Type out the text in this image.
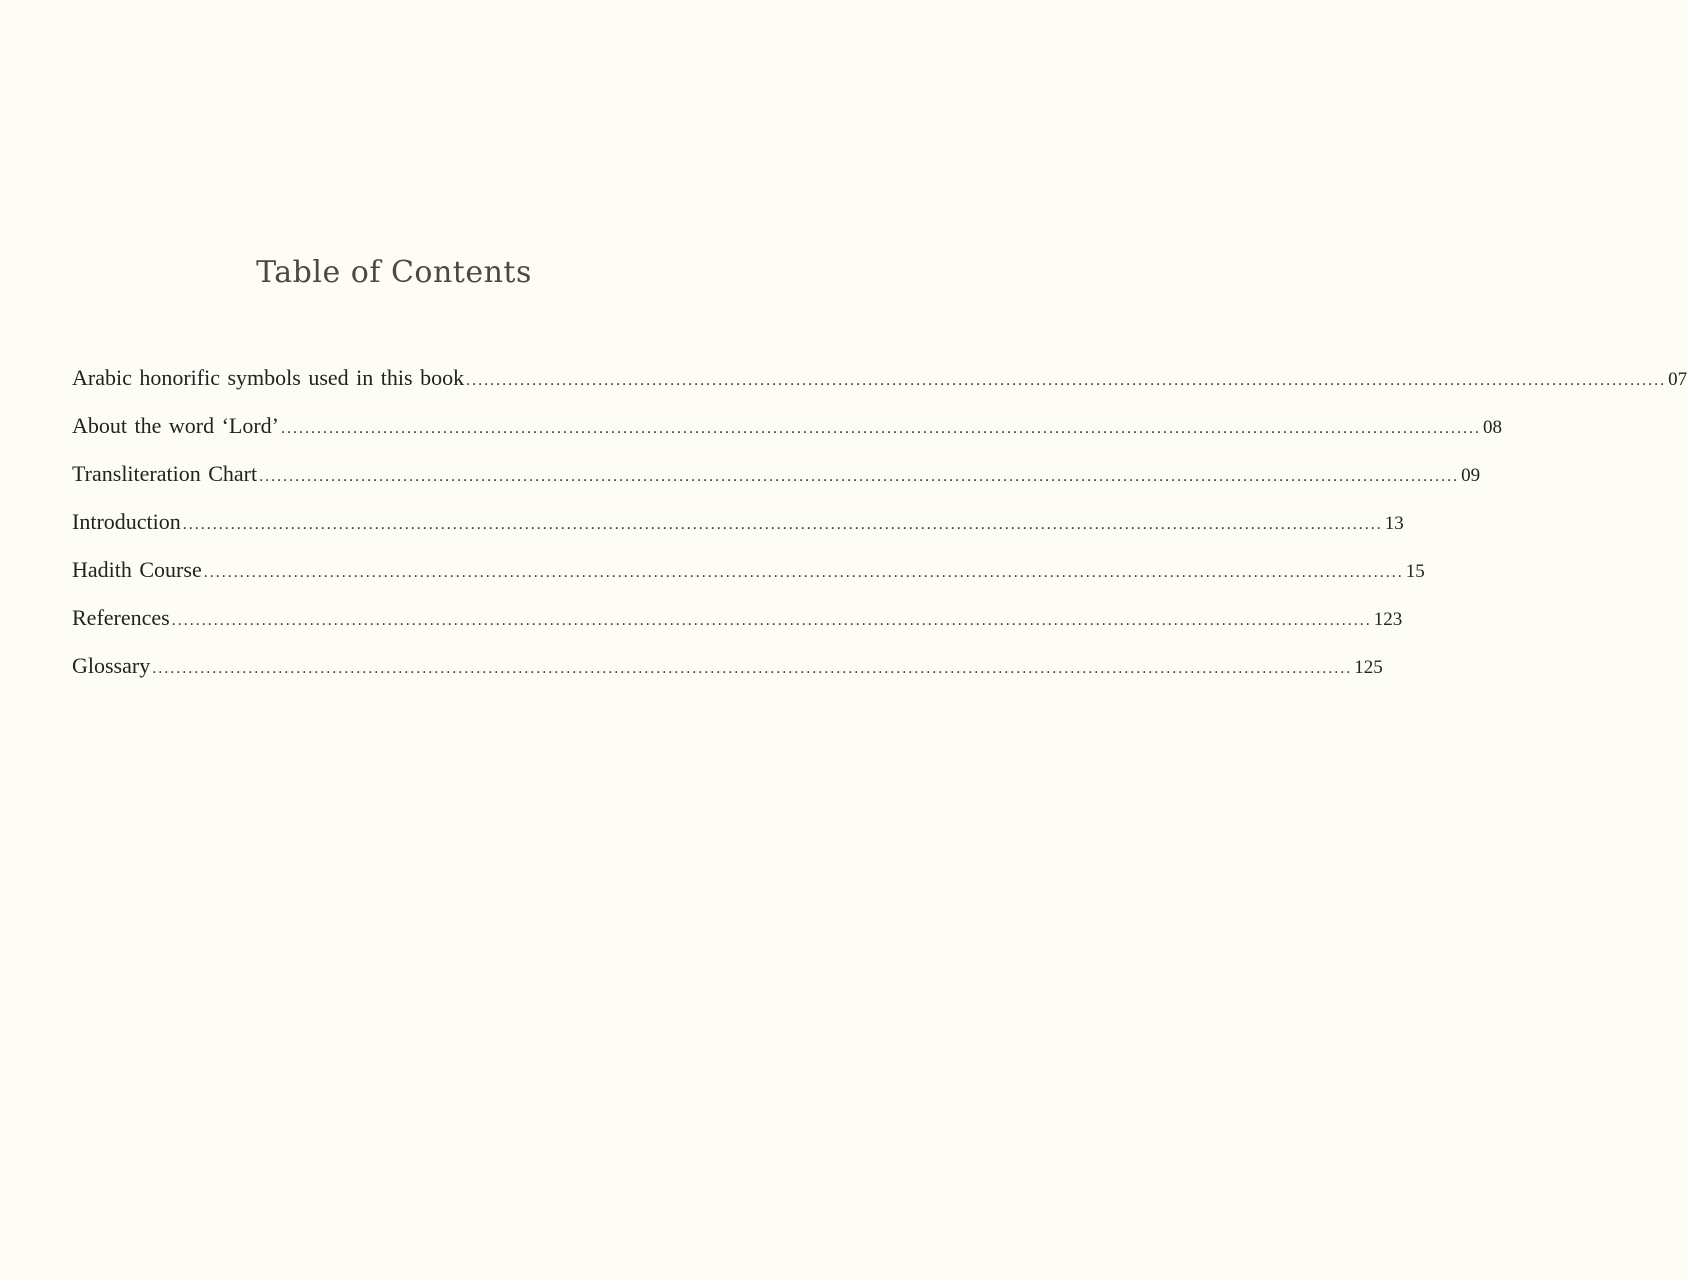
Table of Contents
Arabic honorific symbols used in this book ........................................................................................................................................................................................................ 07
About the word ‘Lord’ ........................................................................................................................................................................................................ 08
Transliteration Chart ........................................................................................................................................................................................................ 09
Introduction ........................................................................................................................................................................................................ 13
Hadith Course ........................................................................................................................................................................................................ 15
References ........................................................................................................................................................................................................ 123
Glossary ........................................................................................................................................................................................................ 125
